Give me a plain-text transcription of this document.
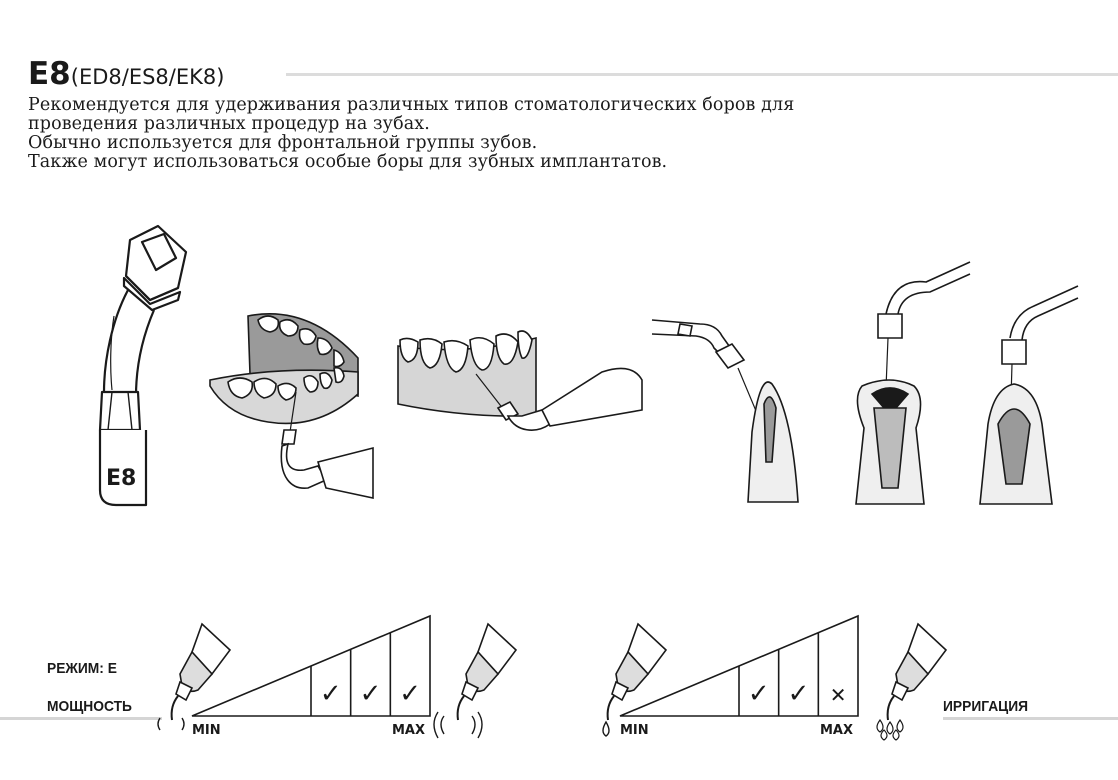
E8(ED8/ES8/EK8)
Рекомендуется для удерживания различных типов стоматологических боров для
проведения различных процедур на зубах.
Обычно используется для фронтальной группы зубов.
Также могут использоваться особые боры для зубных имплантатов.
E8
РЕЖИМ: E
МОЩНОСТЬ	ИРРИГАЦИЯ
✓ ✓ ✓
MIN	MAX
✓ ✓ ✕
MIN	MAX
